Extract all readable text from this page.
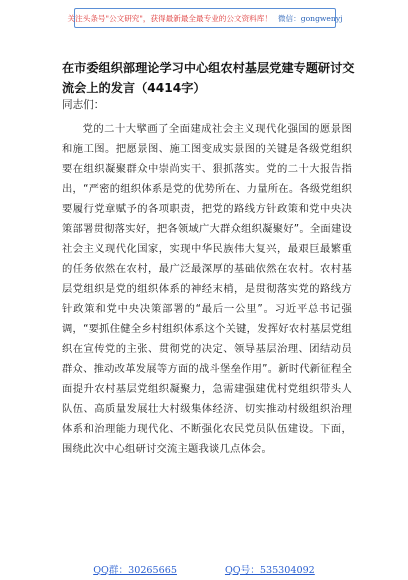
关注头条号"公文研究"，获得最新最全最专业的公文资料库！ 微信：gongwenyj
在市委组织部理论学习中心组农村基层党建专题研讨交流会上的发言（4414字）
同志们：

党的二十大擘画了全面建成社会主义现代化强国的愿景图和施工图。把愿景图、施工图变成实景图的关键是各级党组织要在组织凝聚群众中崇尚实干、狠抓落实。党的二十大报告指出，“严密的组织体系是党的优势所在、力量所在。各级党组织要履行党章赋予的各项职责，把党的路线方针政策和党中央决策部署贯彻落实好，把各领域广大群众组织凝聚好”。全面建设社会主义现代化国家，实现中华民族伟大复兴，最艰巨最繁重的任务依然在农村，最广泛最深厚的基础依然在农村。农村基层党组织是党的组织体系的神经末梢，是贯彻落实党的路线方针政策和党中央决策部署的“最后一公里”。习近平总书记强调，“要抓住健全乡村组织体系这个关键，发挥好农村基层党组织在宣传党的主张、贯彻党的决定、领导基层治理、团结动员群众、推动改革发展等方面的战斗堡垒作用”。新时代新征程全面提升农村基层党组织凝聚力，急需建强建优村党组织带头人队伍、高质量发展壮大村级集体经济、切实推动村级组织治理体系和治理能力现代化、不断强化农民党员队伍建设。下面，围绕此次中心组研讨交流主题我谈几点体会。

QQ群：30265665	QQ号：535304092
